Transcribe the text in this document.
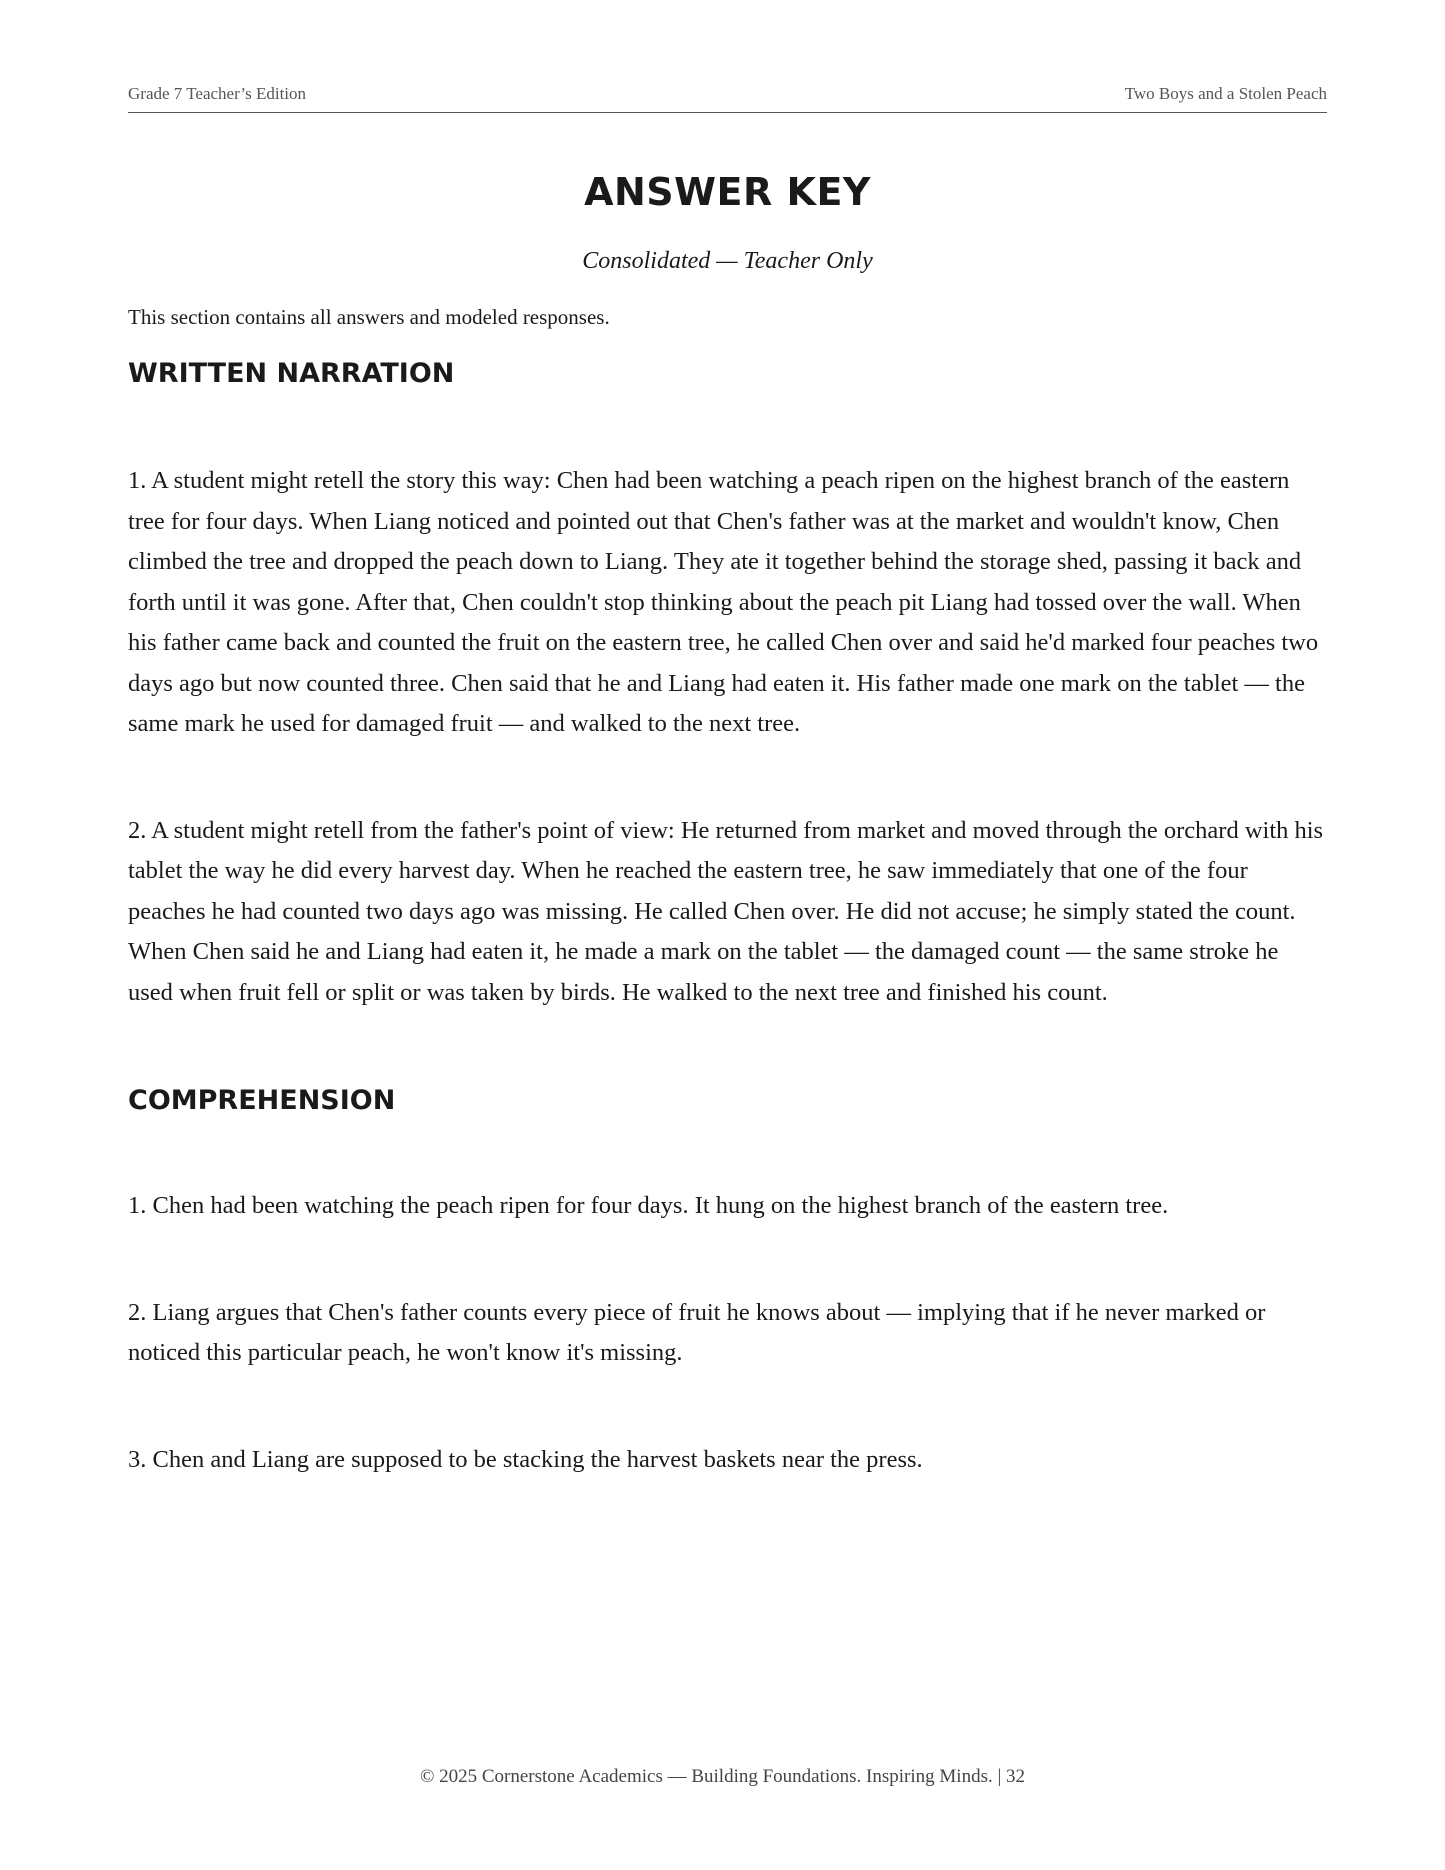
Grade 7 Teacher’s Edition	Two Boys and a Stolen Peach
ANSWER KEY

Consolidated — Teacher Only

This section contains all answers and modeled responses.

WRITTEN NARRATION

1. A student might retell the story this way: Chen had been watching a peach ripen on the highest branch of the eastern tree for four days. When Liang noticed and pointed out that Chen's father was at the market and wouldn't know, Chen climbed the tree and dropped the peach down to Liang. They ate it together behind the storage shed, passing it back and forth until it was gone. After that, Chen couldn't stop thinking about the peach pit Liang had tossed over the wall. When his father came back and counted the fruit on the eastern tree, he called Chen over and said he'd marked four peaches two days ago but now counted three. Chen said that he and Liang had eaten it. His father made one mark on the tablet — the same mark he used for damaged fruit — and walked to the next tree.

2. A student might retell from the father's point of view: He returned from market and moved through the orchard with his tablet the way he did every harvest day. When he reached the eastern tree, he saw immediately that one of the four peaches he had counted two days ago was missing. He called Chen over. He did not accuse; he simply stated the count. When Chen said he and Liang had eaten it, he made a mark on the tablet — the damaged count — the same stroke he used when fruit fell or split or was taken by birds. He walked to the next tree and finished his count.

COMPREHENSION

1. Chen had been watching the peach ripen for four days. It hung on the highest branch of the eastern tree.

2. Liang argues that Chen's father counts every piece of fruit he knows about — implying that if he never marked or noticed this particular peach, he won't know it's missing.

3. Chen and Liang are supposed to be stacking the harvest baskets near the press.

© 2025 Cornerstone Academics — Building Foundations. Inspiring Minds. | 32
